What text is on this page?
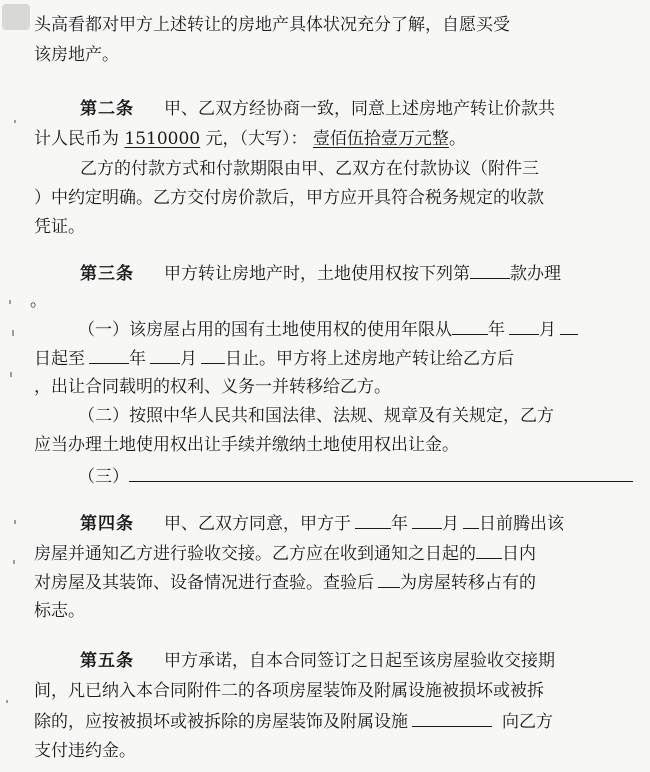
头高看都对甲方上述转让的房地产具体状况充分了解，自愿买受
该房地产。
第二条 甲、乙双方经协商一致，同意上述房地产转让价款共
计人民币为 1510000 元，（大写）： 壹佰伍拾壹万元整。
乙方的付款方式和付款期限由甲、乙双方在付款协议（附件三
）中约定明确。乙方交付房价款后，甲方应开具符合税务规定的收款
凭证。
第三条 甲方转让房地产时，土地使用权按下列第 款办理
。
（一）该房屋占用的国有土地使用权的使用年限从 年 月
日起至	年 月 日止。甲方将上述房地产转让给乙方后
，出让合同载明的权利、义务一并转移给乙方。
（二）按照中华人民共和国法律、法规、规章及有关规定，乙方
应当办理土地使用权出让手续并缴纳土地使用权出让金。
（三）
第四条 甲、乙双方同意，甲方于 年 月 日前腾出该
房屋并通知乙方进行验收交接。乙方应在收到通知之日起的 日内
对房屋及其装饰、设备情况进行查验。查验后 为房屋转移占有的
标志。
第五条 甲方承诺，自本合同签订之日起至该房屋验收交接期
间，凡已纳入本合同附件二的各项房屋装饰及附属设施被损坏或被拆
除的，应按被损坏或被拆除的房屋装饰及附属设施	向乙方
支付违约金。
